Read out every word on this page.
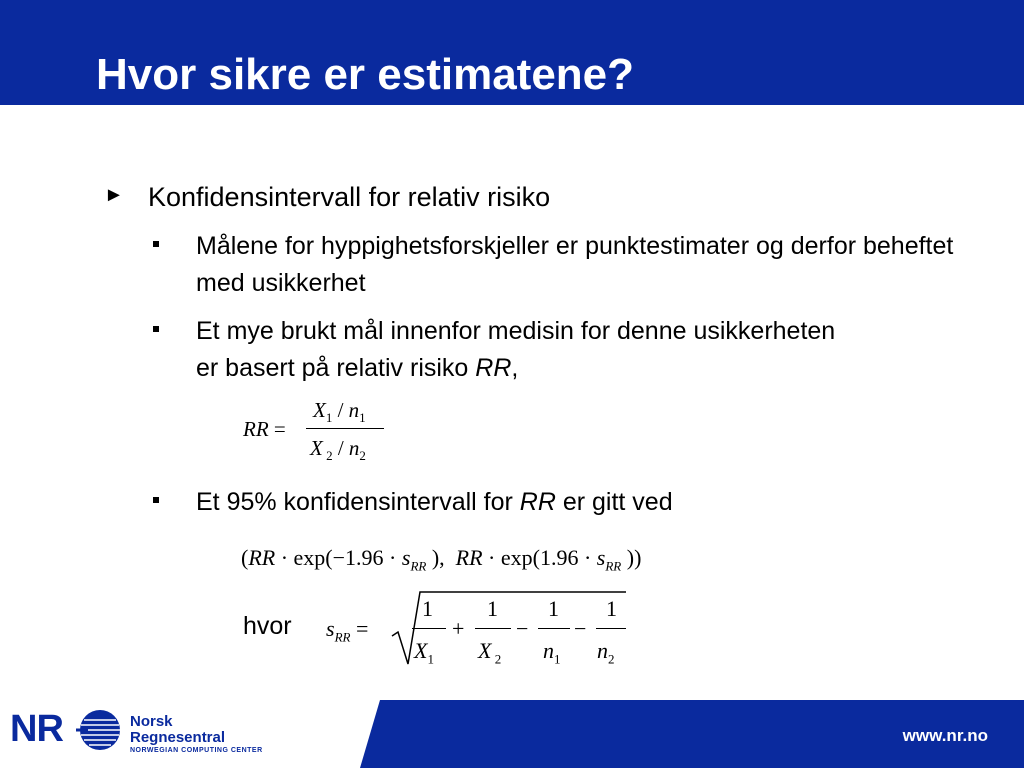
Hvor sikre er estimatene?
► Konfidensintervall for relativ risiko
Målene for hyppighetsforskjeller er punktestimater og derfor beheftet med usikkerhet
Et mye brukt mål innenfor medisin for denne usikkerheten er basert på relativ risiko RR,
RR =
$X_1 / n_1$
X $_2 / n_2$
Et 95% konfidensintervall for RR er gitt ved
($RR \cdot \exp(-1.96 \cdot s_{RR}$ ),  RR · $\exp(1.96 \cdot s_{RR}$ ))
hvor $s_{RR}$ =
1
$X_1$
+
1
X $_2$
−
1
$n_1$
−
1
$n_2$
NR	Norsk
Regnesentral
NORWEGIAN COMPUTING CENTER
www.nr.no
